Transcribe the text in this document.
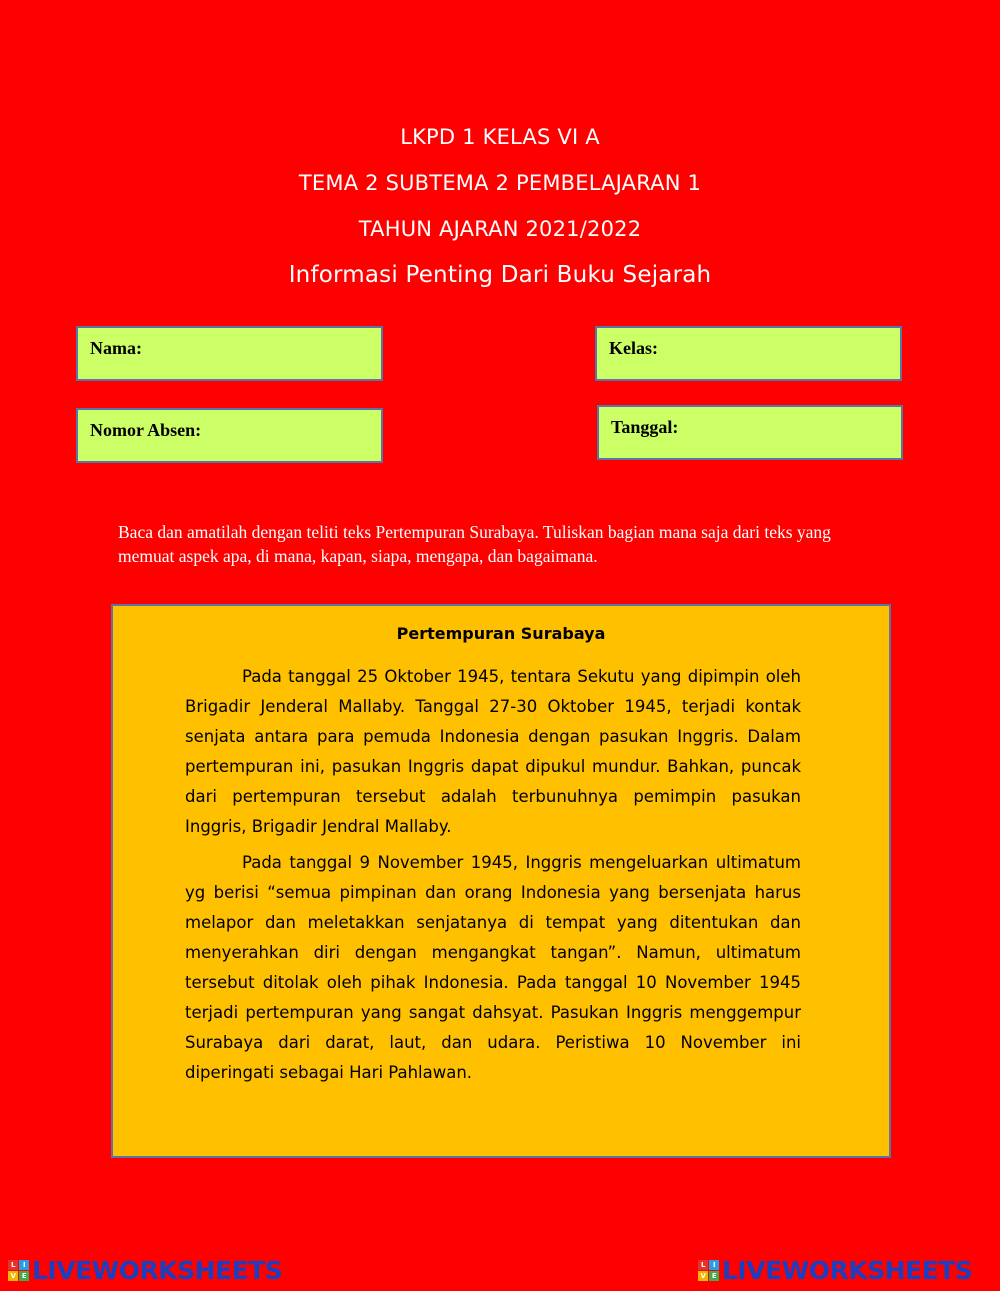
LKPD 1 KELAS VI A
TEMA 2 SUBTEMA 2 PEMBELAJARAN 1
TAHUN AJARAN 2021/2022
Informasi Penting Dari Buku Sejarah
Nama:	Kelas:
Nomor Absen:	Tanggal:
Baca dan amatilah dengan teliti teks Pertempuran Surabaya. Tuliskan bagian mana saja dari teks yang memuat aspek apa, di mana, kapan, siapa, mengapa, dan bagaimana.
Pertempuran Surabaya

Pada tanggal 25 Oktober 1945, tentara Sekutu yang dipimpin oleh Brigadir Jenderal Mallaby. Tanggal 27-30 Oktober 1945, terjadi kontak senjata antara para pemuda Indonesia dengan pasukan Inggris. Dalam pertempuran ini, pasukan Inggris dapat dipukul mundur. Bahkan, puncak dari pertempuran tersebut adalah terbunuhnya pemimpin pasukan Inggris, Brigadir Jendral Mallaby.

Pada tanggal 9 November 1945, Inggris mengeluarkan ultimatum yg berisi “semua pimpinan dan orang Indonesia yang bersenjata harus melapor dan meletakkan senjatanya di tempat yang ditentukan dan menyerahkan diri dengan mengangkat tangan”. Namun, ultimatum tersebut ditolak oleh pihak Indonesia. Pada tanggal 10 November 1945 terjadi pertempuran yang sangat dahsyat. Pasukan Inggris menggempur Surabaya dari darat, laut, dan udara. Peristiwa 10 November ini diperingati sebagai Hari Pahlawan.

L	I
V E LIVEWORKSHEETS	L	I
V E LIVEWORKSHEETS
